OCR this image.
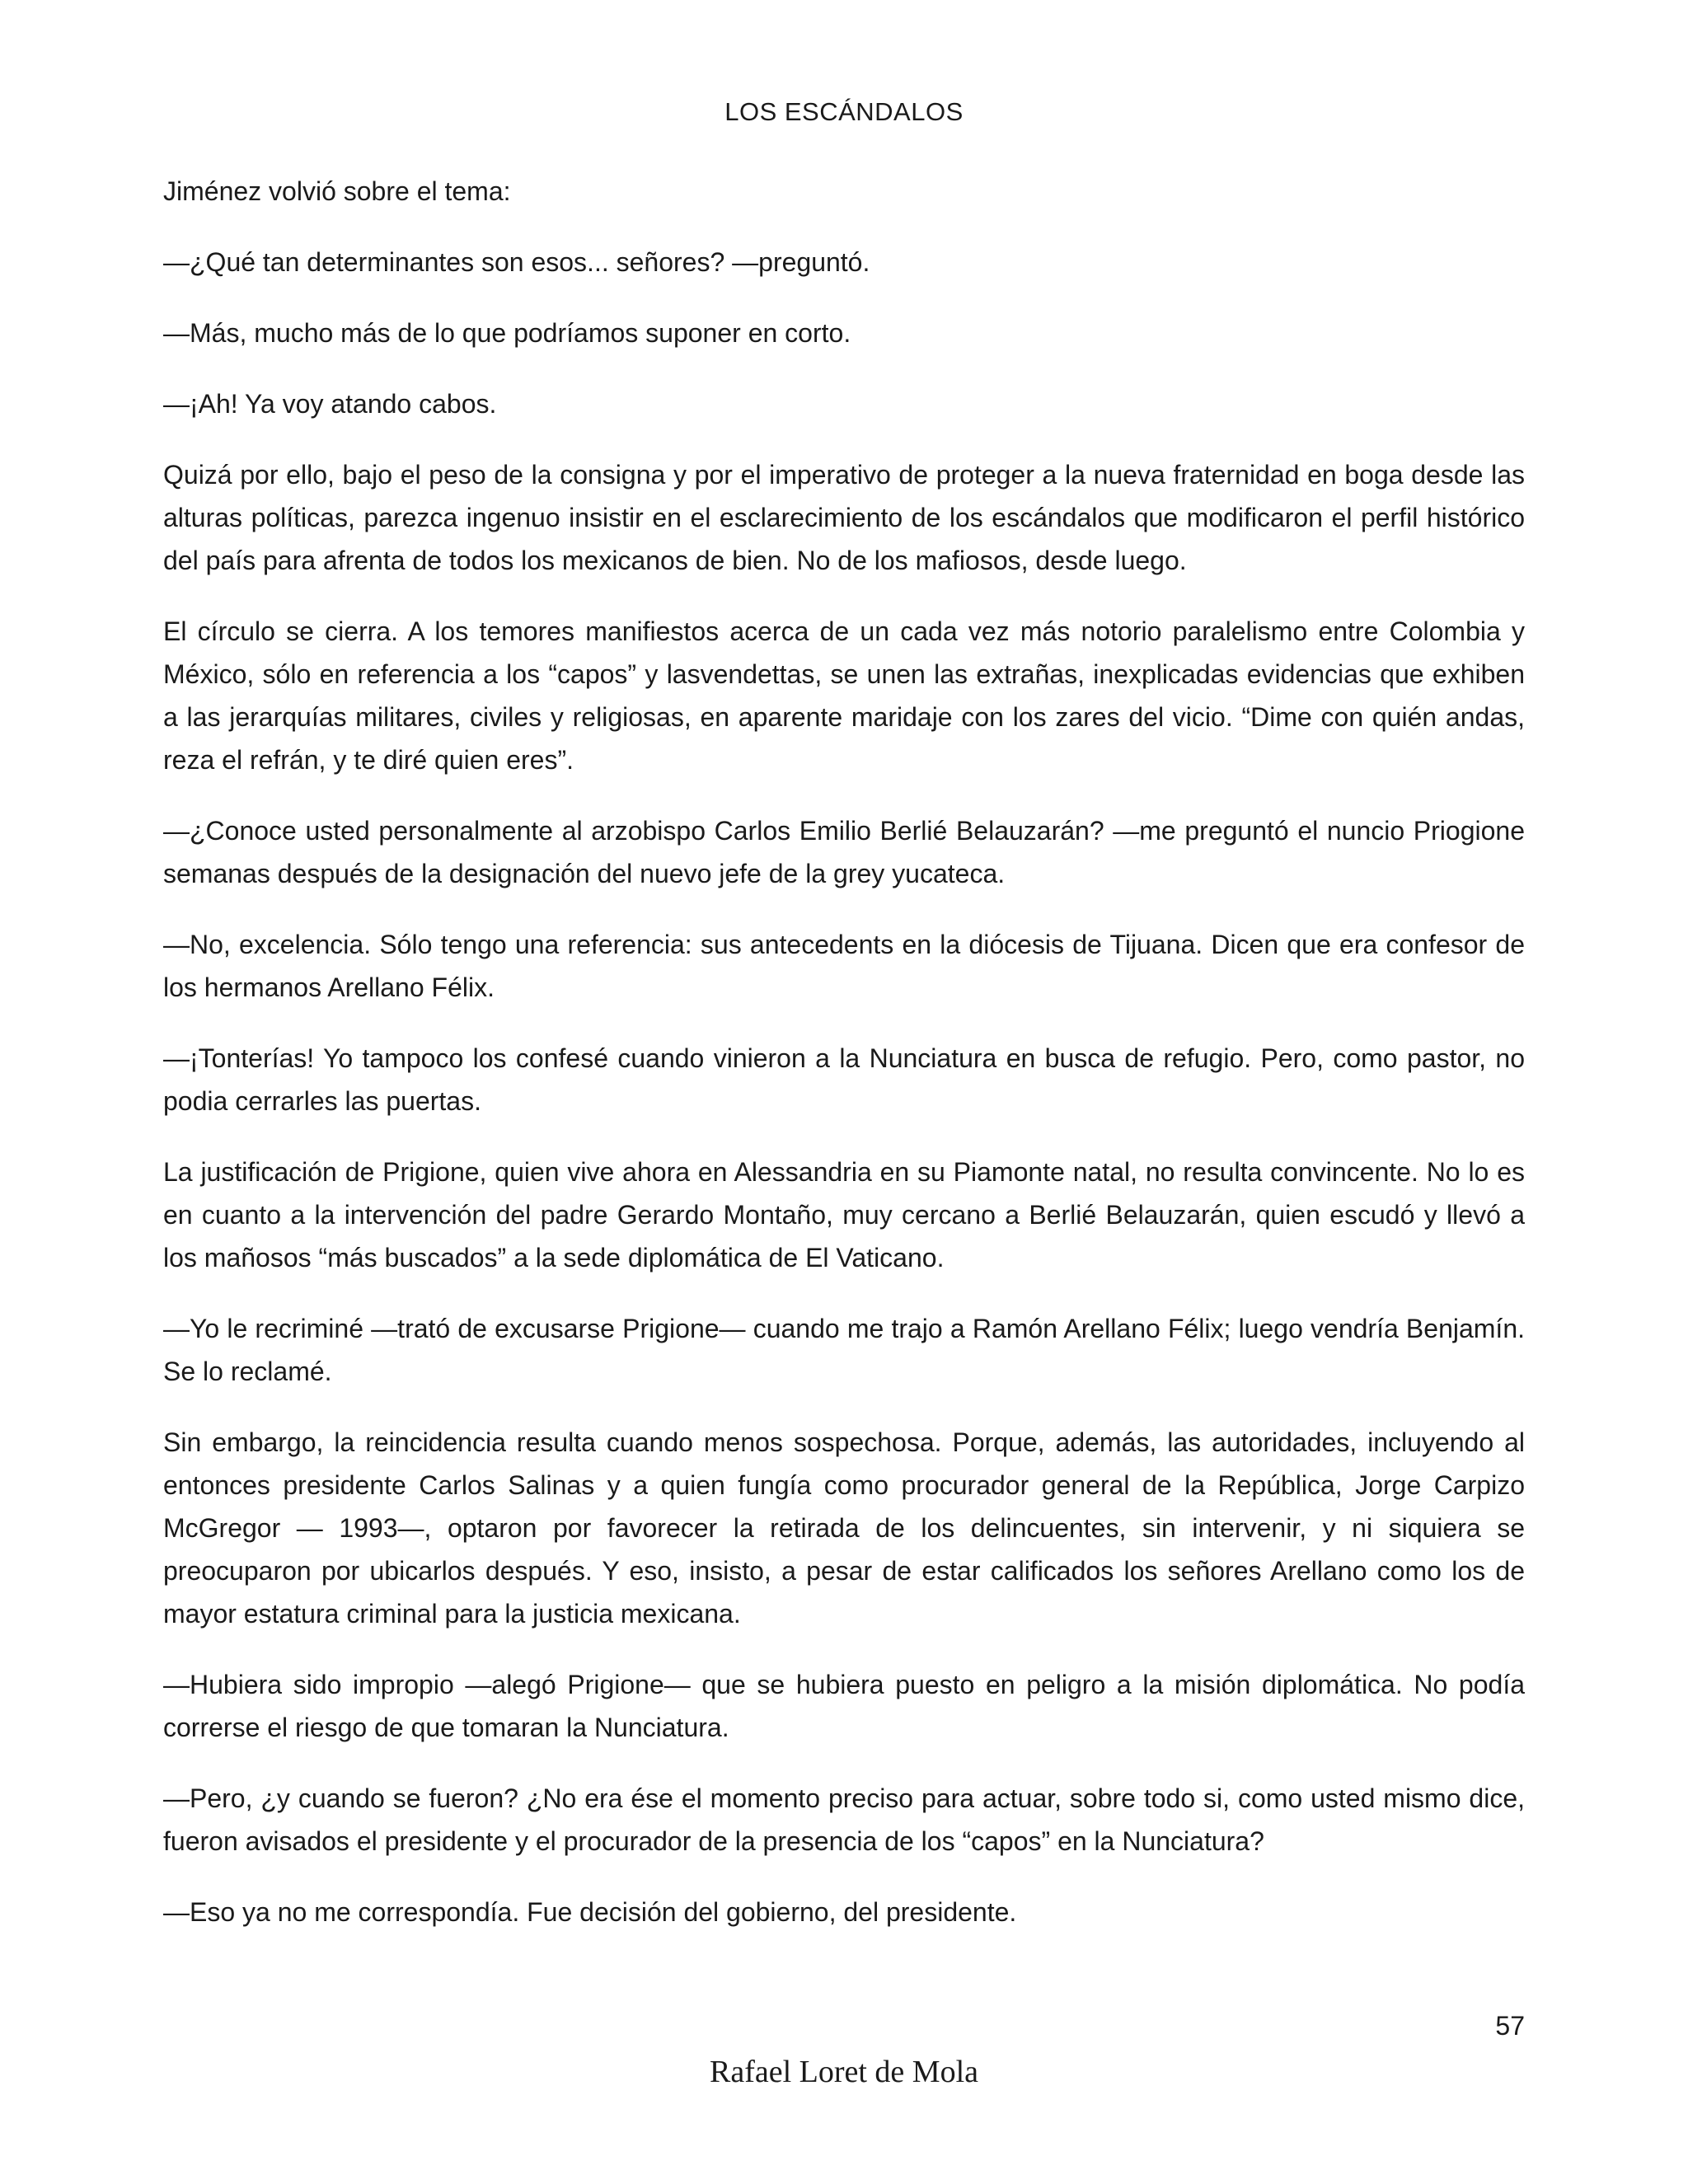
LOS ESCÁNDALOS

Jiménez volvió sobre el tema:

—¿Qué tan determinantes son esos... señores? —preguntó.

—Más, mucho más de lo que podríamos suponer en corto.

—¡Ah! Ya voy atando cabos.

Quizá por ello, bajo el peso de la consigna y por el imperativo de proteger a la nueva fraternidad en boga desde las alturas políticas, parezca ingenuo insistir en el esclarecimiento de los escándalos que modificaron el perfil histórico del país para afrenta de todos los mexicanos de bien. No de los mafiosos, desde luego.

El círculo se cierra. A los temores manifiestos acerca de un cada vez más notorio paralelismo entre Colombia y México, sólo en referencia a los “capos” y lasvendettas, se unen las extrañas, inexplicadas evidencias que exhiben a las jerarquías militares, civiles y religiosas, en aparente maridaje con los zares del vicio. “Dime con quién andas, reza el refrán, y te diré quien eres”.

—¿Conoce usted personalmente al arzobispo Carlos Emilio Berlié Belauzarán? —me preguntó el nuncio Priogione semanas después de la designación del nuevo jefe de la grey yucateca.

—No, excelencia. Sólo tengo una referencia: sus antecedents en la diócesis de Tijuana. Dicen que era confesor de los hermanos Arellano Félix.

—¡Tonterías! Yo tampoco los confesé cuando vinieron a la Nunciatura en busca de refugio. Pero, como pastor, no podia cerrarles las puertas.

La justificación de Prigione, quien vive ahora en Alessandria en su Piamonte natal, no resulta convincente. No lo es en cuanto a la intervención del padre Gerardo Montaño, muy cercano a Berlié Belauzarán, quien escudó y llevó a los mañosos “más buscados” a la sede diplomática de El Vaticano.

—Yo le recriminé —trató de excusarse Prigione— cuando me trajo a Ramón Arellano Félix; luego vendría Benjamín. Se lo reclamé.

Sin embargo, la reincidencia resulta cuando menos sospechosa. Porque, además, las autoridades, incluyendo al entonces presidente Carlos Salinas y a quien fungía como procurador general de la República, Jorge Carpizo McGregor — 1993—, optaron por favorecer la retirada de los delincuentes, sin intervenir, y ni siquiera se preocuparon por ubicarlos después. Y eso, insisto, a pesar de estar calificados los señores Arellano como los de mayor estatura criminal para la justicia mexicana.

—Hubiera sido impropio —alegó Prigione— que se hubiera puesto en peligro a la misión diplomática. No podía correrse el riesgo de que tomaran la Nunciatura.

—Pero, ¿y cuando se fueron? ¿No era ése el momento preciso para actuar, sobre todo si, como usted mismo dice, fueron avisados el presidente y el procurador de la presencia de los “capos” en la Nunciatura?

—Eso ya no me correspondía. Fue decisión del gobierno, del presidente.

57
Rafael Loret de Mola
